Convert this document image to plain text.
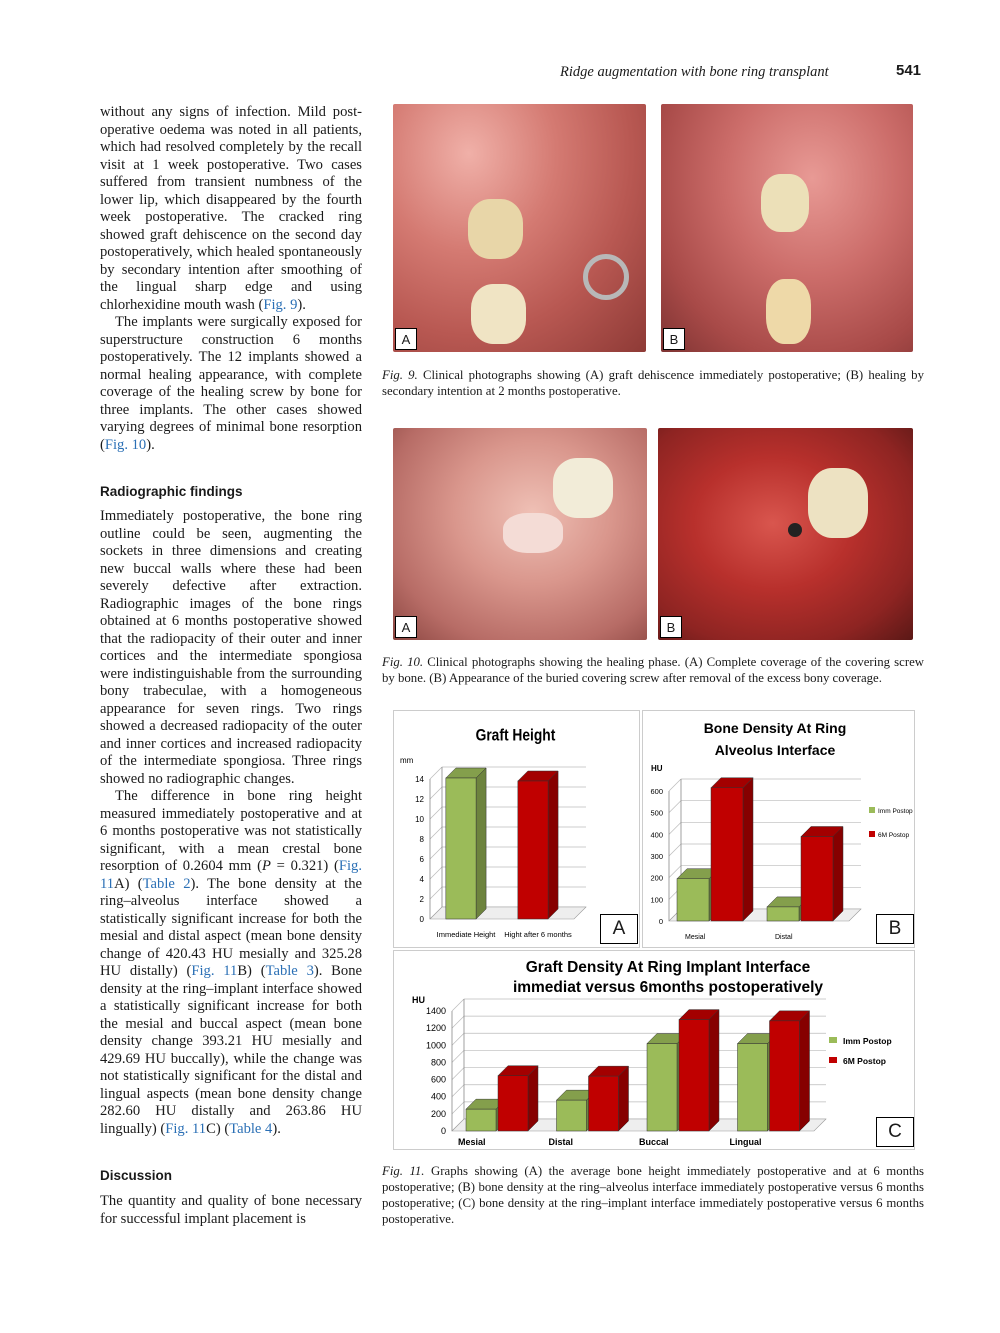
Ridge augmentation with bone ring transplant	541

without any signs of infection. Mild post-operative oedema was noted in all patients, which had resolved completely by the recall visit at 1 week postoperative. Two cases suffered from transient numbness of the lower lip, which disappeared by the fourth week postoperative. The cracked ring showed graft dehiscence on the second day postoperatively, which healed spontaneously by secondary intention after smoothing of the lingual sharp edge and using chlorhexidine mouth wash (Fig. 9).

The implants were surgically exposed for superstructure construction 6 months postoperatively. The 12 implants showed a normal healing appearance, with complete coverage of the healing screw by bone for three implants. The other cases showed varying degrees of minimal bone resorption (Fig. 10).

Radiographic findings

Immediately postoperative, the bone ring outline could be seen, augmenting the sockets in three dimensions and creating new buccal walls where these had been severely defective after extraction. Radiographic images of the bone rings obtained at 6 months postoperative showed that the radiopacity of their outer and inner cortices and the intermediate spongiosa were indistinguishable from the surrounding bony trabeculae, with a homogeneous appearance for seven rings. Two rings showed a decreased radiopacity of the outer and inner cortices and increased radiopacity of the intermediate spongiosa. Three rings showed no radiographic changes.

The difference in bone ring height measured immediately postoperative and at 6 months postoperative was not statistically significant, with a mean crestal bone resorption of 0.2604 mm (P = 0.321) (Fig. 11A) (Table 2). The bone density at the ring–alveolus interface showed a statistically significant increase for both the mesial and distal aspect (mean bone density change of 420.43 HU mesially and 325.28 HU distally) (Fig. 11B) (Table 3). Bone density at the ring–implant interface showed a statistically significant increase for both the mesial and buccal aspect (mean bone density change 393.21 HU mesially and 429.69 HU buccally), while the change was not statistically significant for the distal and lingual aspects (mean bone density change 282.60 HU distally and 263.86 HU lingually) (Fig. 11C) (Table 4).

Discussion

The quantity and quality of bone necessary for successful implant placement is

A	B
Fig. 9. Clinical photographs showing (A) graft dehiscence immediately postoperative; (B) healing by secondary intention at 2 months postoperative.
A	B
Fig. 10. Clinical photographs showing the healing phase. (A) Complete coverage of the covering screw by bone. (B) Appearance of the buried covering screw after removal of the excess bony coverage.
Graft Height
mm
0
2
4
6
8
10
12
14
Immediate Height Hight after 6 months	A
Bone Density At Ring
Alveolus Interface
HU
0
100
200
300
400
500
600
Mesial	Distal
Imm Postop
6M Postop
B
Graft Density At Ring Implant Interface
immediat versus 6months postoperatively
HU
0
200
400
600
800
1000
1200
1400
Mesial	Distal	Buccal	Lingual
Imm Postop
6M Postop
C
Fig. 11. Graphs showing (A) the average bone height immediately postoperative and at 6 months postoperative; (B) bone density at the ring–alveolus interface immediately postoperative versus 6 months postoperative; (C) bone density at the ring–implant interface immediately postoperative versus 6 months postoperative.
